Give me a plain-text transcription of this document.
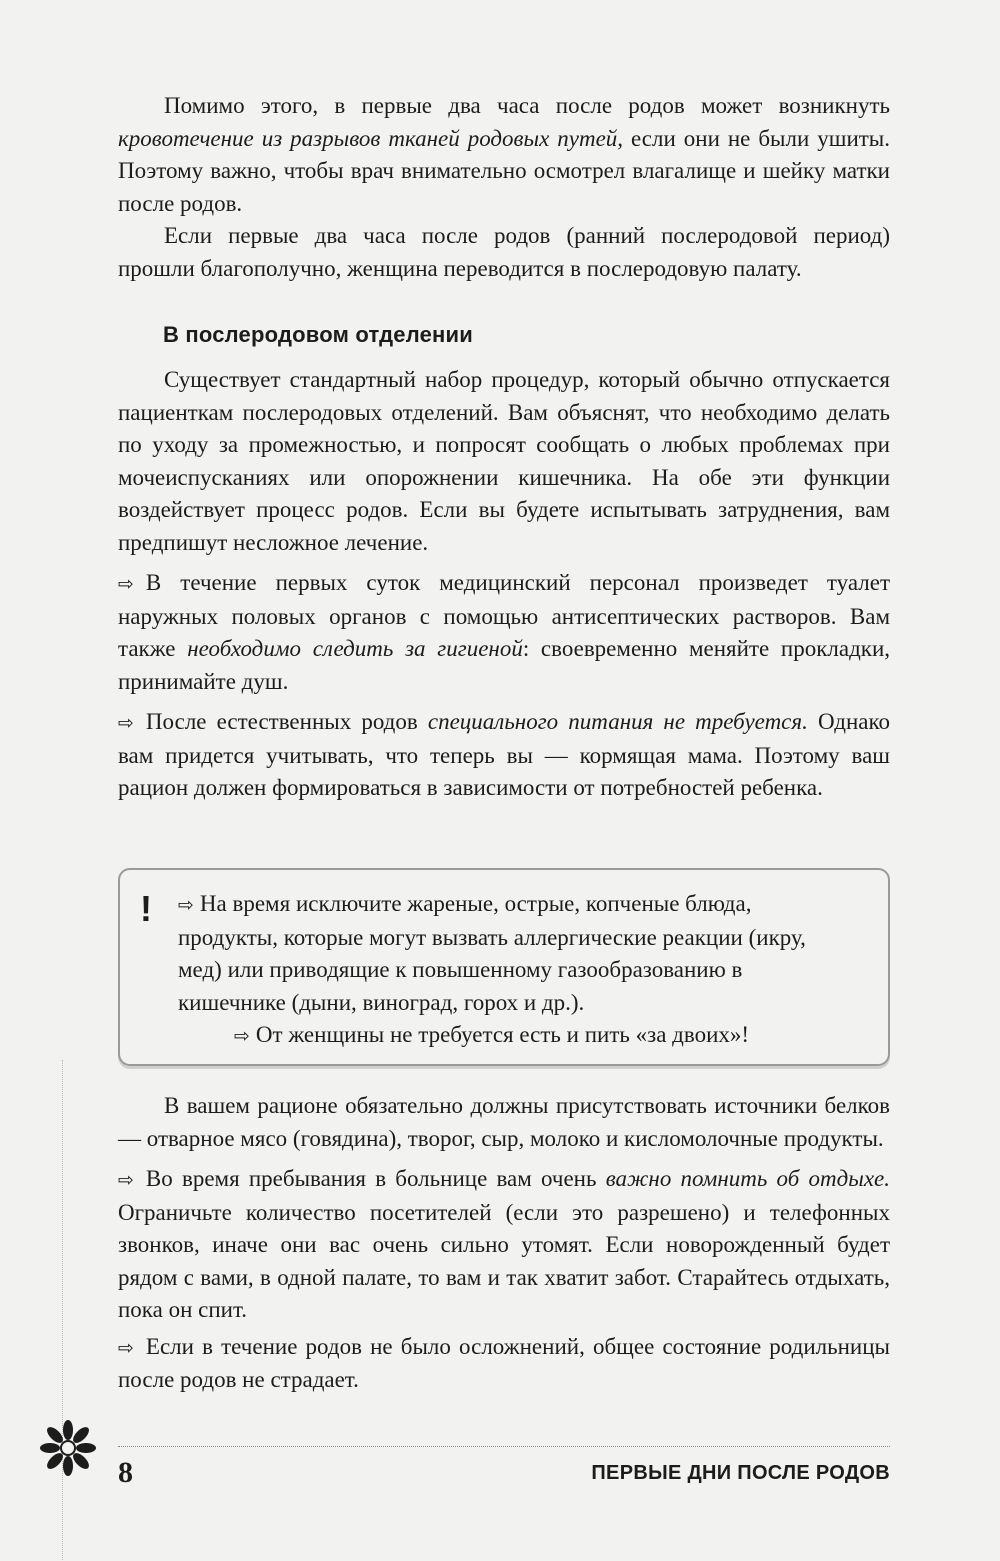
Помимо этого, в первые два часа после родов может возникнуть кровотечение из разрывов тканей родовых путей, если они не были ушиты. Поэтому важно, чтобы врач внимательно осмотрел влагалище и шейку матки после родов.

Если первые два часа после родов (ранний послеродовой период) прошли благополучно, женщина переводится в послеродовую палату.

В послеродовом отделении

Существует стандартный набор процедур, который обычно отпускается пациенткам послеродовых отделений. Вам объяснят, что необходимо делать по уходу за промежностью, и попросят сообщать о любых проблемах при мочеиспусканиях или опорожнении кишечника. На обе эти функции воздействует процесс родов. Если вы будете испытывать затруднения, вам предпишут несложное лечение.

⇨ В течение первых суток медицинский персонал произведет туалет наружных половых органов с помощью антисептических растворов. Вам также необходимо следить за гигиеной: своевременно меняйте прокладки, принимайте душ.

⇨ После естественных родов специального питания не требуется. Однако вам придется учитывать, что теперь вы — кормящая мама. Поэтому ваш рацион должен формироваться в зависимости от потребностей ребенка.

! ⇨ На время исключите жареные, острые, копченые блюда, продукты, которые могут вызвать аллергические реакции (икру, мед) или приводящие к повышенному газообразованию в кишечнике (дыни, виноград, горох и др.).

⇨ От женщины не требуется есть и пить «за двоих»!

В вашем рационе обязательно должны присутствовать источники белков — отварное мясо (говядина), творог, сыр, молоко и кисломолочные продукты.

⇨ Во время пребывания в больнице вам очень важно помнить об отдыхе. Ограничьте количество посетителей (если это разрешено) и телефонных звонков, иначе они вас очень сильно утомят. Если новорожденный будет рядом с вами, в одной палате, то вам и так хватит забот. Старайтесь отдыхать, пока он спит.

⇨ Если в течение родов не было осложнений, общее состояние родильницы после родов не страдает.

8	ПЕРВЫЕ ДНИ ПОСЛЕ РОДОВ
